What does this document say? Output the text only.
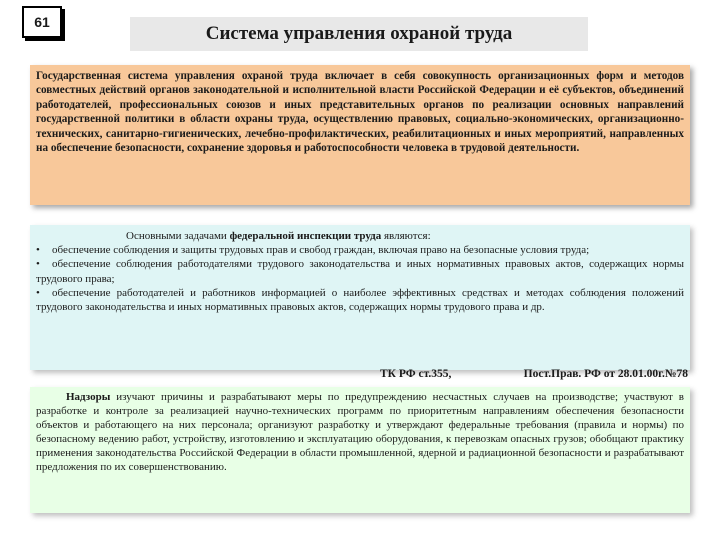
61
Система управления охраной труда
Государственная система управления охраной труда включает в себя совокупность организационных форм и методов совместных действий органов законодательной и исполнительной власти Российской Федерации и её субъектов, объединений работодателей, профессиональных союзов и иных представительных органов по реализации основных направлений государственной политики в области охраны труда, осуществлению правовых, социально-экономических, организационно-технических, санитарно-гигиенических, лечебно-профилактических, реабилитационных и иных мероприятий, направленных на обеспечение безопасности, сохранение здоровья и работоспособности человека в трудовой деятельности.
Основными задачами федеральной инспекции труда являются:
• обеспечение соблюдения и защиты трудовых прав и свобод граждан, включая право на безопасные условия труда;
• обеспечение соблюдения работодателями трудового законодательства и иных нормативных правовых актов, содержащих нормы трудового права;
• обеспечение работодателей и работников информацией о наиболее эффективных средствах и методах соблюдения положений трудового законодательства и иных нормативных правовых актов, содержащих нормы трудового права и др.
ТК РФ ст.355,	Пост.Прав. РФ от 28.01.00г.№78
Надзоры изучают причины и разрабатывают меры по предупреждению несчастных случаев на производстве; участвуют в разработке и контроле за реализацией научно-технических программ по приоритетным направлениям обеспечения безопасности объектов и работающего на них персонала; организуют разработку и утверждают федеральные требования (правила и нормы) по безопасному ведению работ, устройству, изготовлению и эксплуатацию оборудования, к перевозкам опасных грузов; обобщают практику применения законодательства Российской Федерации в области промышленной, ядерной и радиационной безопасности и разрабатывают предложения по их совершенствованию.
